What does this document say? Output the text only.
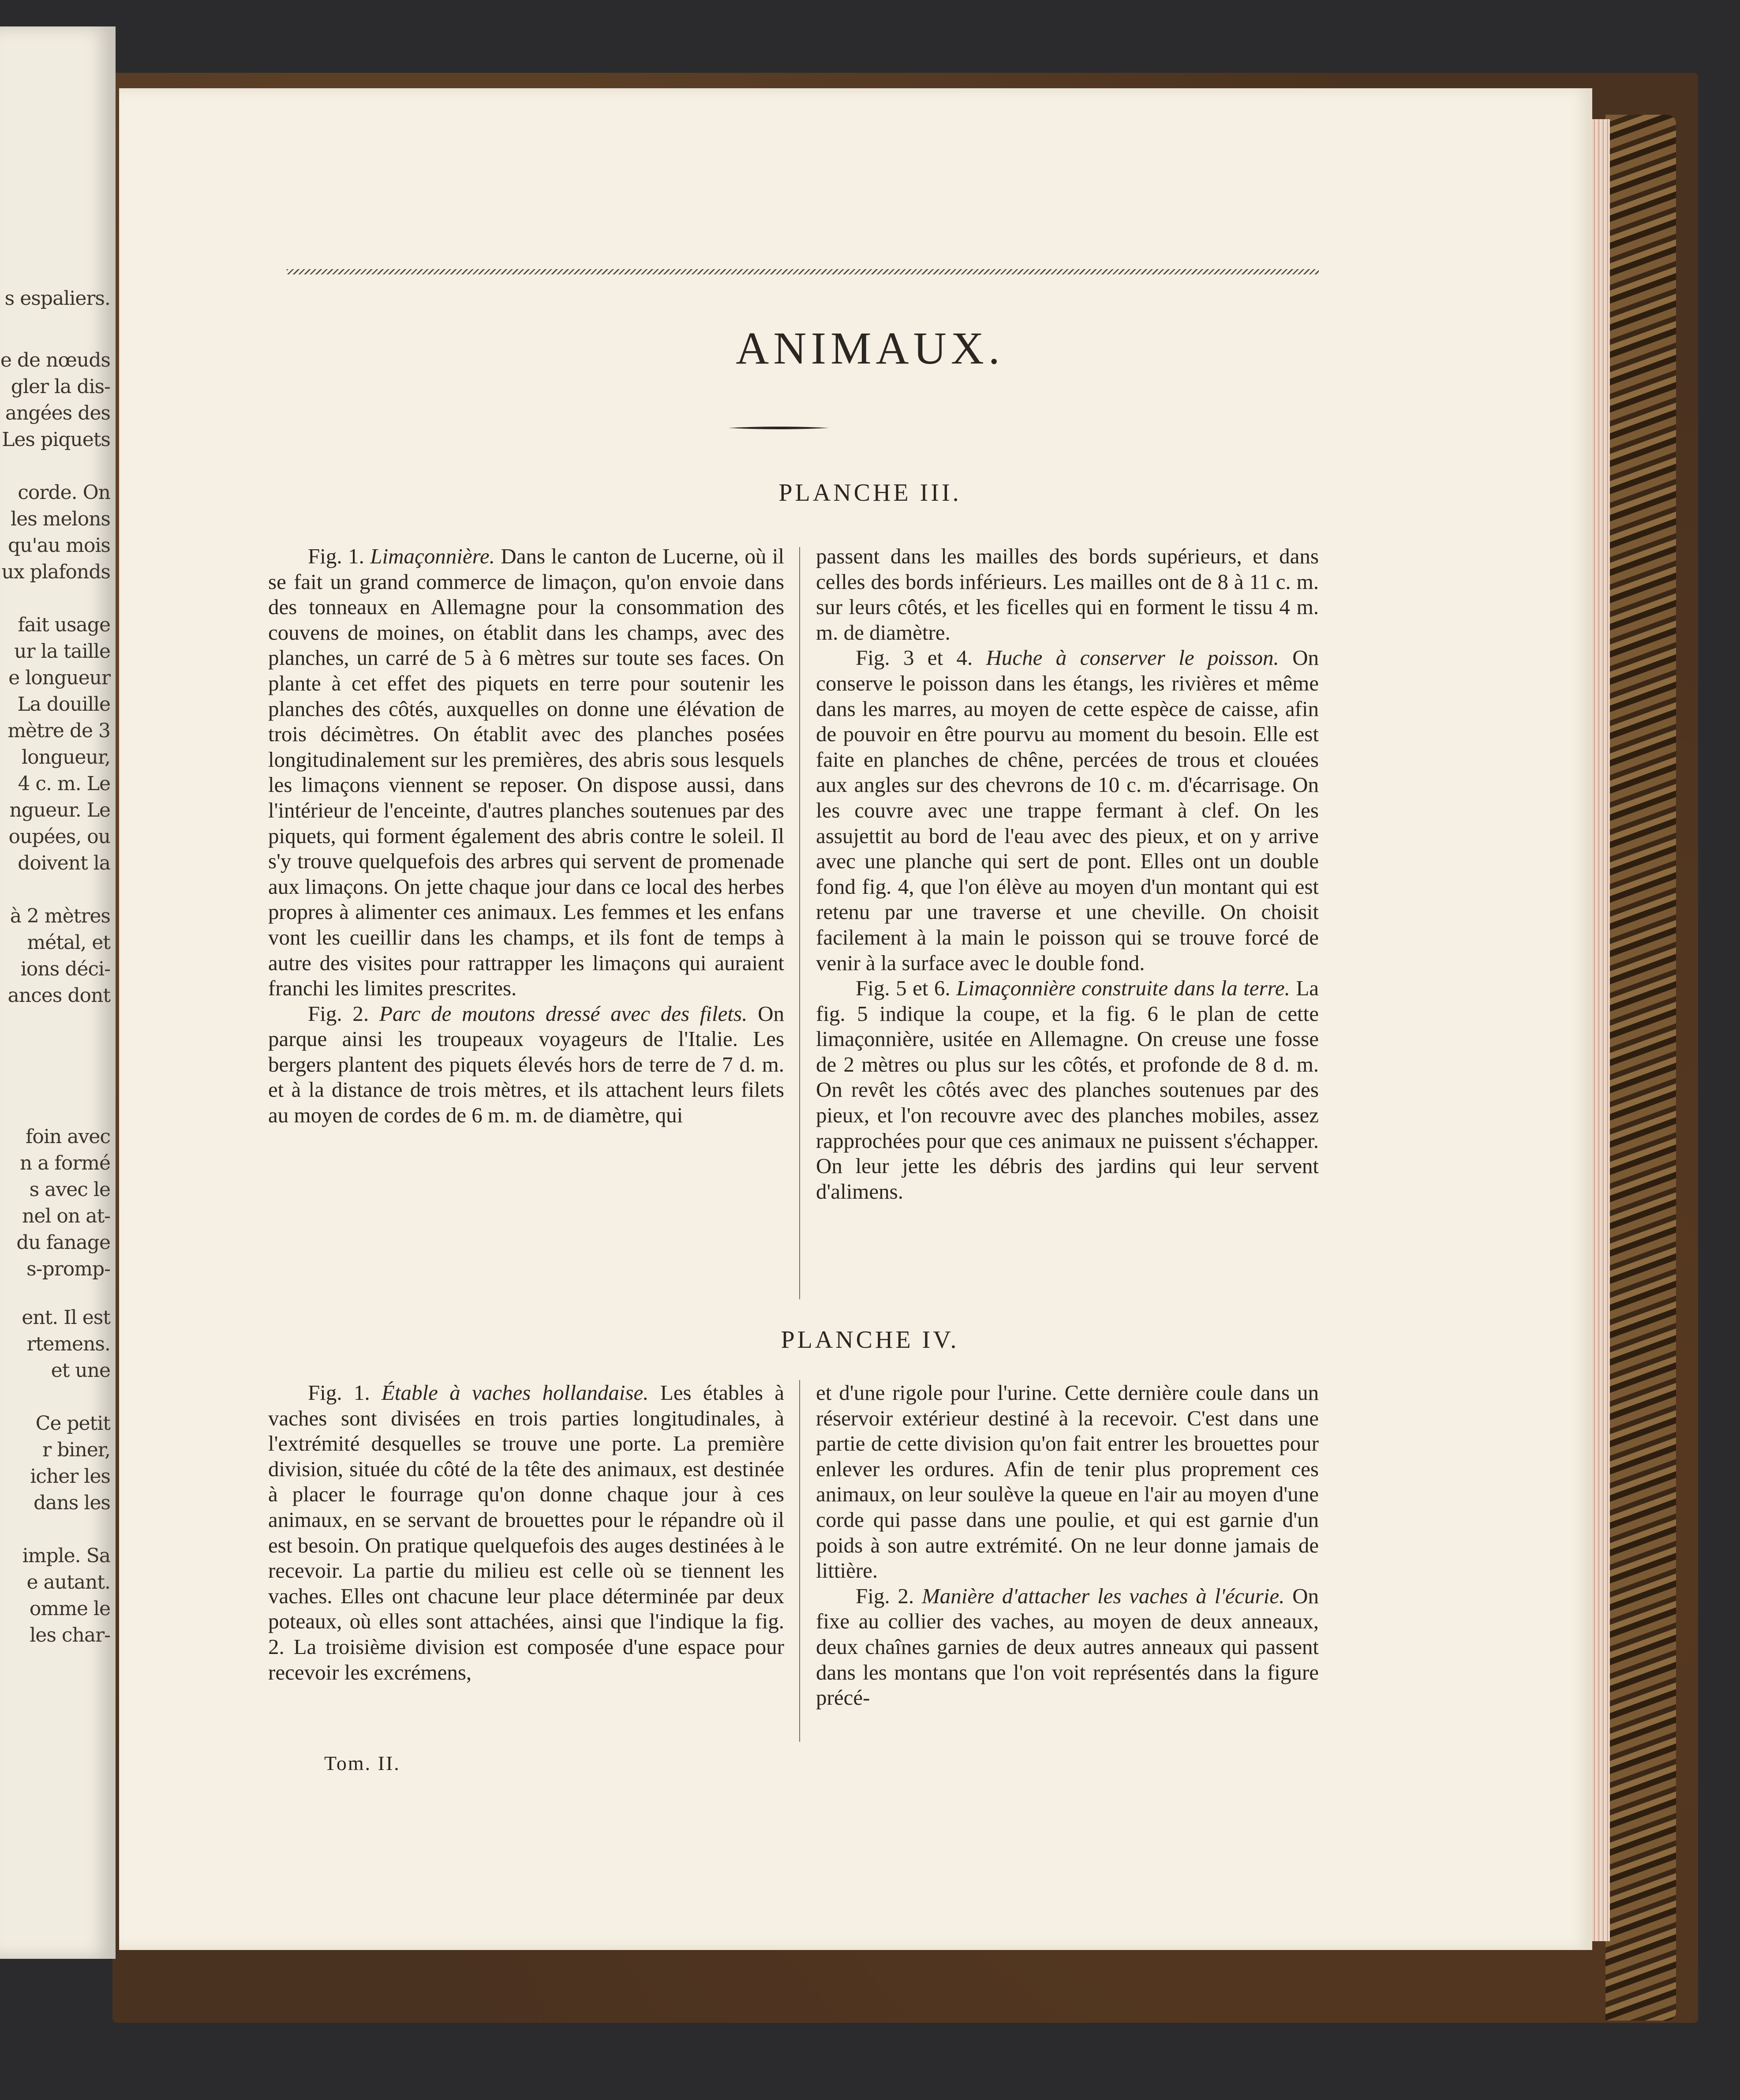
s espaliers.
e de nœuds
gler la dis-
angées des
Les piquets
corde. On
les melons
qu'au mois
ux plafonds
fait usage
ur la taille
e longueur
La douille
mètre de 3
longueur,
4 c. m. Le
ngueur. Le
oupées, ou
doivent la
à 2 mètres
métal, et
ions déci-
ances dont
foin avec
n a formé
s avec le
nel on at-
du fanage
s-promp-
ent. Il est
rtemens.
et une
Ce petit
r biner,
icher les
dans les
imple. Sa
e autant.
omme le
les char-
ANIMAUX.
PLANCHE III.

Fig. 1. Limaçonnière. Dans le canton de Lucerne, où il se fait un grand commerce de limaçon, qu'on envoie dans des tonneaux en Allemagne pour la consommation des couvens de moines, on établit dans les champs, avec des planches, un carré de 5 à 6 mètres sur toute ses faces. On plante à cet effet des piquets en terre pour soutenir les planches des côtés, auxquelles on donne une élévation de trois décimètres. On établit avec des planches posées longitudinalement sur les premières, des abris sous lesquels les limaçons viennent se reposer. On dispose aussi, dans l'intérieur de l'enceinte, d'autres planches soutenues par des piquets, qui forment également des abris contre le soleil. Il s'y trouve quelquefois des arbres qui servent de promenade aux limaçons. On jette chaque jour dans ce local des herbes propres à alimenter ces animaux. Les femmes et les enfans vont les cueillir dans les champs, et ils font de temps à autre des visites pour rattrapper les limaçons qui auraient franchi les limites prescrites.

Fig. 2. Parc de moutons dressé avec des filets. On parque ainsi les troupeaux voyageurs de l'Italie. Les bergers plantent des piquets élevés hors de terre de 7 d. m. et à la distance de trois mètres, et ils attachent leurs filets au moyen de cordes de 6 m. m. de diamètre, qui

passent dans les mailles des bords supérieurs, et dans celles des bords inférieurs. Les mailles ont de 8 à 11 c. m. sur leurs côtés, et les ficelles qui en forment le tissu 4 m. m. de diamètre.

Fig. 3 et 4. Huche à conserver le poisson. On conserve le poisson dans les étangs, les rivières et même dans les marres, au moyen de cette espèce de caisse, afin de pouvoir en être pourvu au moment du besoin. Elle est faite en planches de chêne, percées de trous et clouées aux angles sur des chevrons de 10 c. m. d'écarrisage. On les couvre avec une trappe fermant à clef. On les assujettit au bord de l'eau avec des pieux, et on y arrive avec une planche qui sert de pont. Elles ont un double fond fig. 4, que l'on élève au moyen d'un montant qui est retenu par une traverse et une cheville. On choisit facilement à la main le poisson qui se trouve forcé de venir à la surface avec le double fond.

Fig. 5 et 6. Limaçonnière construite dans la terre. La fig. 5 indique la coupe, et la fig. 6 le plan de cette limaçonnière, usitée en Allemagne. On creuse une fosse de 2 mètres ou plus sur les côtés, et profonde de 8 d. m. On revêt les côtés avec des planches soutenues par des pieux, et l'on recouvre avec des planches mobiles, assez rapprochées pour que ces animaux ne puissent s'échapper. On leur jette les débris des jardins qui leur servent d'alimens.

PLANCHE IV.

Fig. 1. Étable à vaches hollandaise. Les étables à vaches sont divisées en trois parties longitudinales, à l'extrémité desquelles se trouve une porte. La première division, située du côté de la tête des animaux, est destinée à placer le fourrage qu'on donne chaque jour à ces animaux, en se servant de brouettes pour le répandre où il est besoin. On pratique quelquefois des auges destinées à le recevoir. La partie du milieu est celle où se tiennent les vaches. Elles ont chacune leur place déterminée par deux poteaux, où elles sont attachées, ainsi que l'indique la fig. 2. La troisième division est composée d'une espace pour recevoir les excrémens,

et d'une rigole pour l'urine. Cette dernière coule dans un réservoir extérieur destiné à la recevoir. C'est dans une partie de cette division qu'on fait entrer les brouettes pour enlever les ordures. Afin de tenir plus proprement ces animaux, on leur soulève la queue en l'air au moyen d'une corde qui passe dans une poulie, et qui est garnie d'un poids à son autre extrémité. On ne leur donne jamais de littière.

Fig. 2. Manière d'attacher les vaches à l'écurie. On fixe au collier des vaches, au moyen de deux anneaux, deux chaînes garnies de deux autres anneaux qui passent dans les montans que l'on voit représentés dans la figure précé-

Tom. II.
